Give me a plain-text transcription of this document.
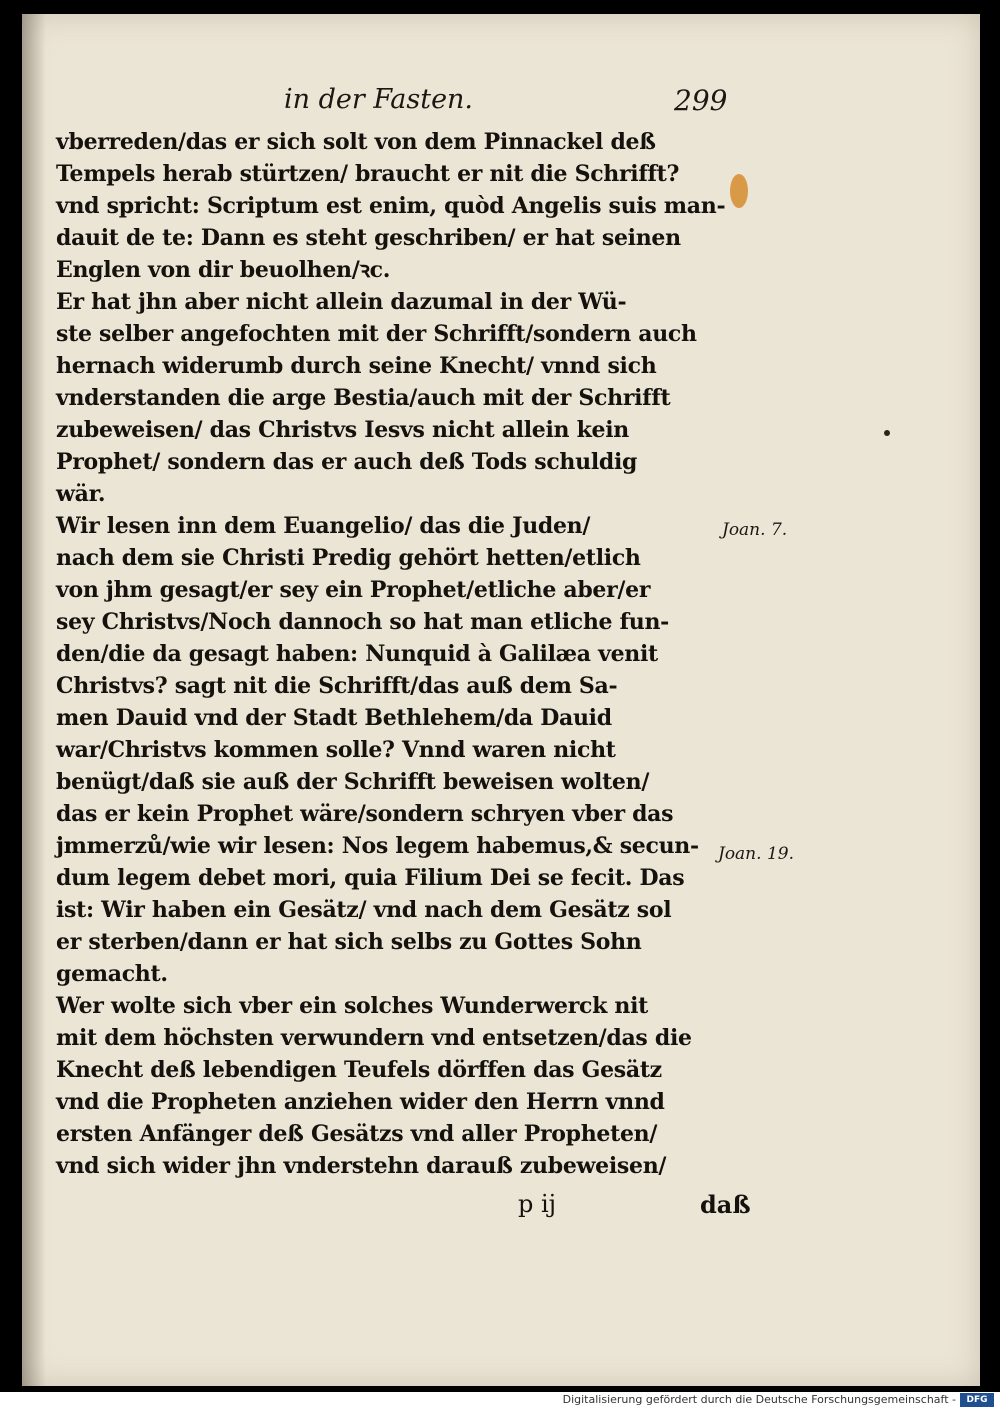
in der Fasten.	299
vberreden/das er sich solt von dem Pinnackel deß
Tempels herab stürtzen/ braucht er nit die Schrifft?
vnd spricht: Scriptum est enim, quòd Angelis suis man-
dauit de te: Dann es steht geschriben/ er hat seinen
Englen von dir beuolhen/ꝛc.
Er hat jhn aber nicht allein dazumal in der Wü-
ste selber angefochten mit der Schrifft/sondern auch
hernach widerumb durch seine Knecht/ vnnd sich
vnderstanden die arge Bestia/auch mit der Schrifft
zubeweisen/ das Christvs Iesvs nicht allein kein
Prophet/ sondern das er auch deß Tods schuldig
wär.
Wir lesen inn dem Euangelio/ das die Juden/
nach dem sie Christi Predig gehört hetten/etlich
von jhm gesagt/er sey ein Prophet/etliche aber/er
sey Christvs/Noch dannoch so hat man etliche fun-
den/die da gesagt haben: Nunquid à Galilæa venit
Christvs? sagt nit die Schrifft/das auß dem Sa-
men Dauid vnd der Stadt Bethlehem/da Dauid
war/Christvs kommen solle? Vnnd waren nicht
benügt/daß sie auß der Schrifft beweisen wolten/
das er kein Prophet wäre/sondern schryen vber das
jmmerzů/wie wir lesen: Nos legem habemus,& secun-
dum legem debet mori, quia Filium Dei se fecit. Das
ist: Wir haben ein Gesätz/ vnd nach dem Gesätz sol
er sterben/dann er hat sich selbs zu Gottes Sohn
gemacht.
Wer wolte sich vber ein solches Wunderwerck nit
mit dem höchsten verwundern vnd entsetzen/das die
Knecht deß lebendigen Teufels dörffen das Gesätz
vnd die Propheten anziehen wider den Herrn vnnd
ersten Anfänger deß Gesätzs vnd aller Propheten/
vnd sich wider jhn vnderstehn darauß zubeweisen/
Joan. 7.
Joan. 19.
p ij	daß
Digitalisierung gefördert durch die Deutsche Forschungsgemeinschaft -	DFG
